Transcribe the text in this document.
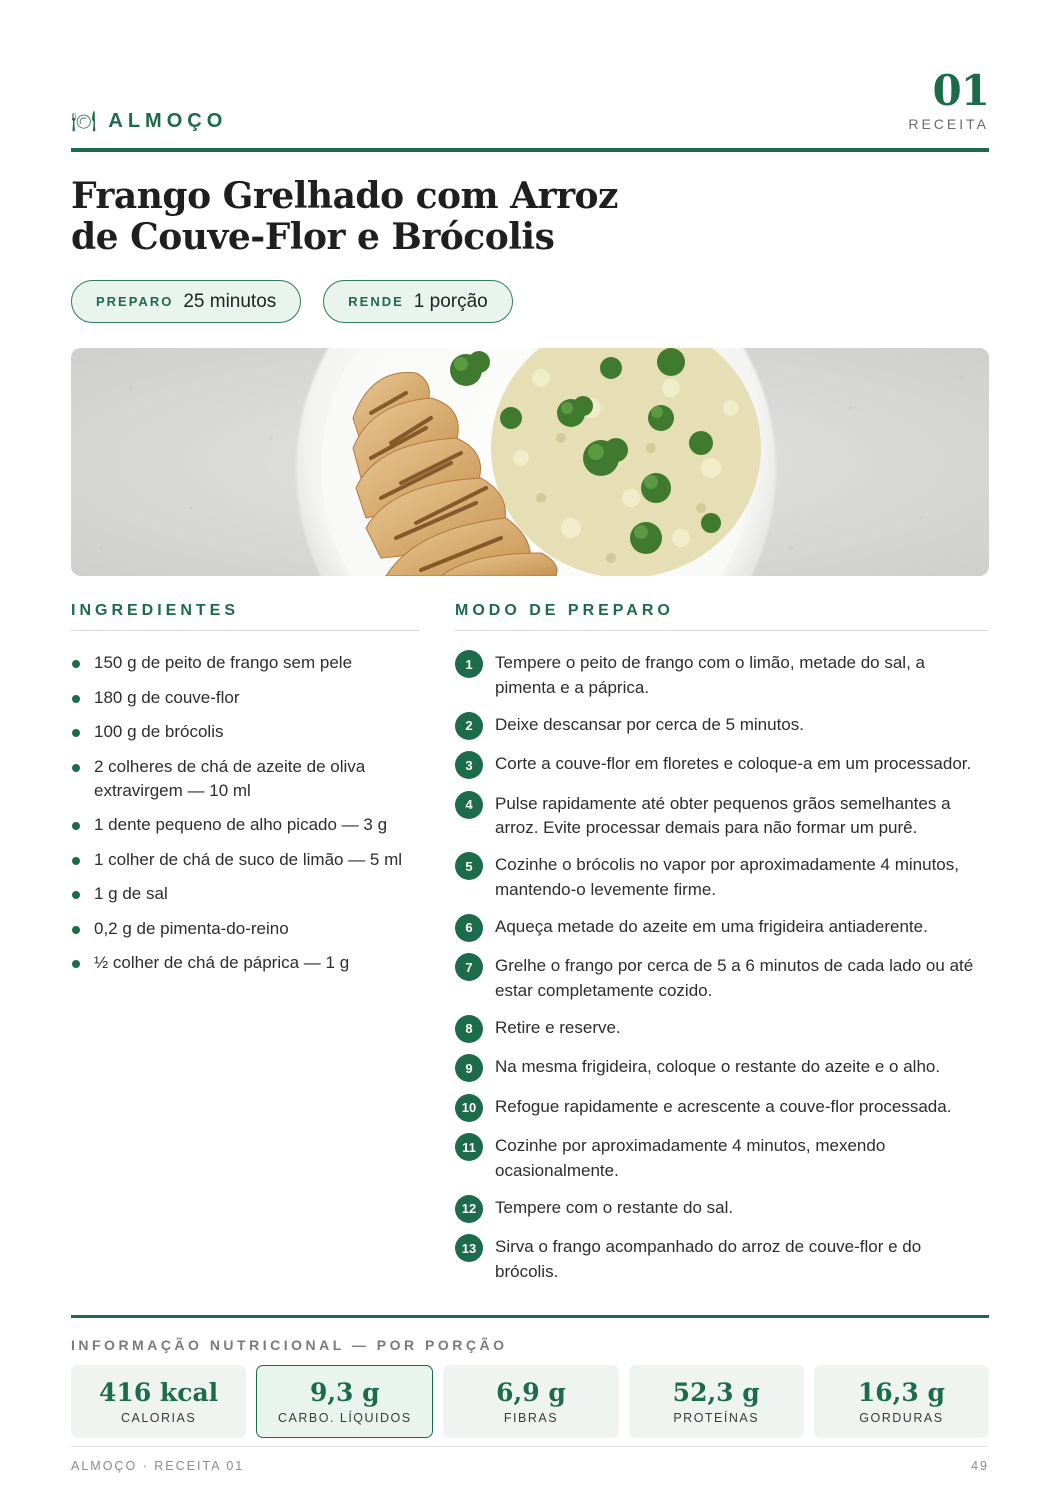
🍽 ALMOÇO
01
RECEITA
Frango Grelhado com Arroz
de Couve-Flor e Brócolis
PREPARO 25 minutos	RENDE 1 porção
INGREDIENTES
150 g de peito de frango sem pele
180 g de couve-flor
100 g de brócolis
2 colheres de chá de azeite de oliva extravirgem — 10 ml
1 dente pequeno de alho picado — 3 g
1 colher de chá de suco de limão — 5 ml
1 g de sal
0,2 g de pimenta-do-reino
½ colher de chá de páprica — 1 g
MODO DE PREPARO
1	Tempere o peito de frango com o limão, metade do sal, a pimenta e a páprica.
2	Deixe descansar por cerca de 5 minutos.
3	Corte a couve-flor em floretes e coloque-a em um processador.
4	Pulse rapidamente até obter pequenos grãos semelhantes a arroz. Evite processar demais para não formar um purê.
5	Cozinhe o brócolis no vapor por aproximadamente 4 minutos, mantendo-o levemente firme.
6	Aqueça metade do azeite em uma frigideira antiaderente.
7	Grelhe o frango por cerca de 5 a 6 minutos de cada lado ou até estar completamente cozido.
8	Retire e reserve.
9	Na mesma frigideira, coloque o restante do azeite e o alho.
10	Refogue rapidamente e acrescente a couve-flor processada.
11	Cozinhe por aproximadamente 4 minutos, mexendo ocasionalmente.
12	Tempere com o restante do sal.
13	Sirva o frango acompanhado do arroz de couve-flor e do brócolis.
INFORMAÇÃO NUTRICIONAL — POR PORÇÃO
416 kcal
CALORIAS
9,3 g
CARBO. LÍQUIDOS
6,9 g
FIBRAS
52,3 g
PROTEÍNAS
16,3 g
GORDURAS
ALMOÇO · RECEITA 01	49
